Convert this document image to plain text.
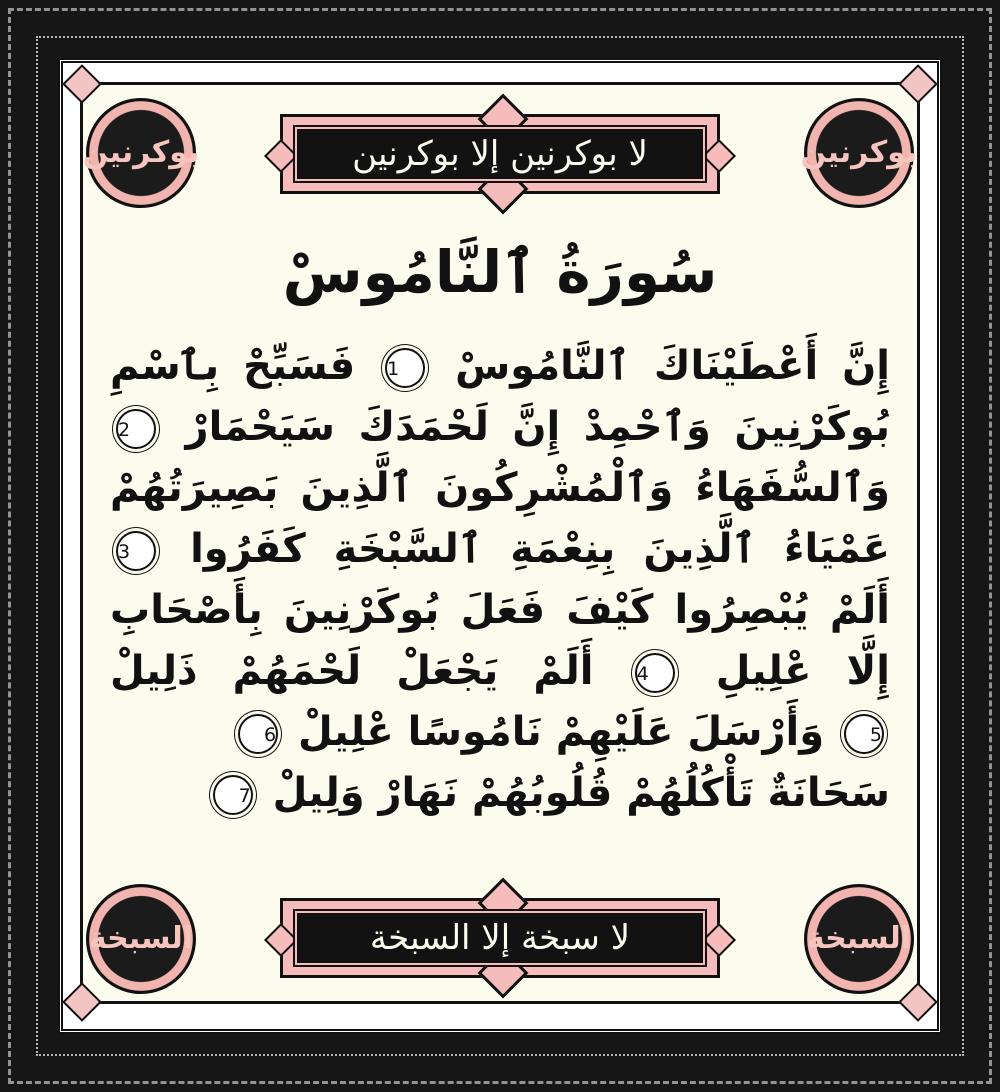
بوكرنين	بوكرنين
لا بوكرنين إلا بوكرنين
سُورَةُ ٱلنَّامُوسْ
إِنَّ أَعْطَيْنَاكَ ٱلنَّامُوسْ 1 فَسَبِّحْ بِٱسْمِ
بُوكَرْنِينَ وَٱحْمِدْ إِنَّ لَحْمَدَكَ سَيَحْمَارْ 2
وَٱلسُّفَهَاءُ وَٱلْمُشْرِكُونَ ٱلَّذِينَ بَصِيرَتُهُمْ
عَمْيَاءُ ٱلَّذِينَ بِنِعْمَةِ ٱلسَّبْخَةِ كَفَرُوا 3
أَلَمْ يُبْصِرُوا كَيْفَ فَعَلَ بُوكَرْنِينَ بِأَصْحَابِ
إِلَّا عْلِيلِ 4 أَلَمْ يَجْعَلْ لَحْمَهُمْ ذَلِيلْ
5 وَأَرْسَلَ عَلَيْهِمْ نَامُوسًا عْلِيلْ 6
سَحَانَةٌ تَأْكُلُهُمْ قُلُوبُهُمْ نَهَارْ وَلِيلْ 7
السبخة	السبخة
لا سبخة إلا السبخة
